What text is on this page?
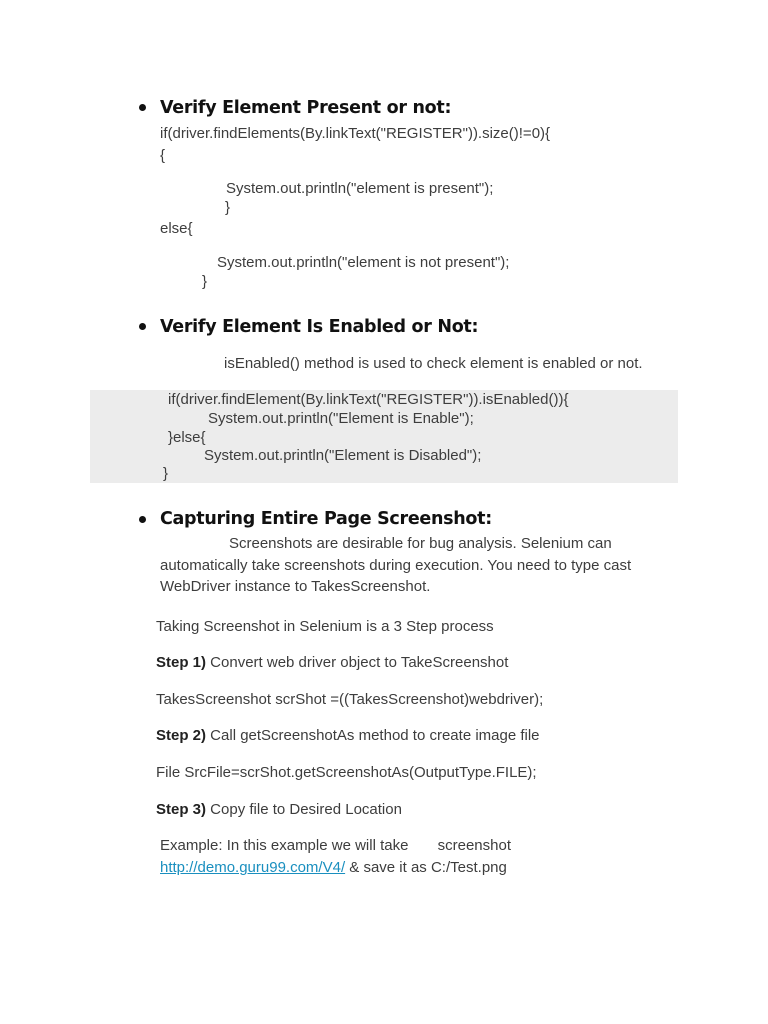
Verify Element Present or not:
if(driver.findElements(By.linkText("REGISTER")).size()!=0){
{
System.out.println("element is present");
}
else{
System.out.println("element is not present");
}
Verify Element Is Enabled or Not:
isEnabled() method is used to check element is enabled or not.
if(driver.findElement(By.linkText("REGISTER")).isEnabled()){
System.out.println("Element is Enable");
}else{
System.out.println("Element is Disabled");
}
Capturing Entire Page Screenshot:
Screenshots are desirable for bug analysis. Selenium can
automatically take screenshots during execution. You need to type cast
WebDriver instance to TakesScreenshot.
Taking Screenshot in Selenium is a 3 Step process
Step 1) Convert web driver object to TakeScreenshot
TakesScreenshot scrShot =((TakesScreenshot)webdriver);
Step 2) Call getScreenshotAs method to create image file
File SrcFile=scrShot.getScreenshotAs(OutputType.FILE);
Step 3) Copy file to Desired Location
Example: In this example we will take       screenshot
http://demo.guru99.com/V4/ & save it as C:/Test.png
